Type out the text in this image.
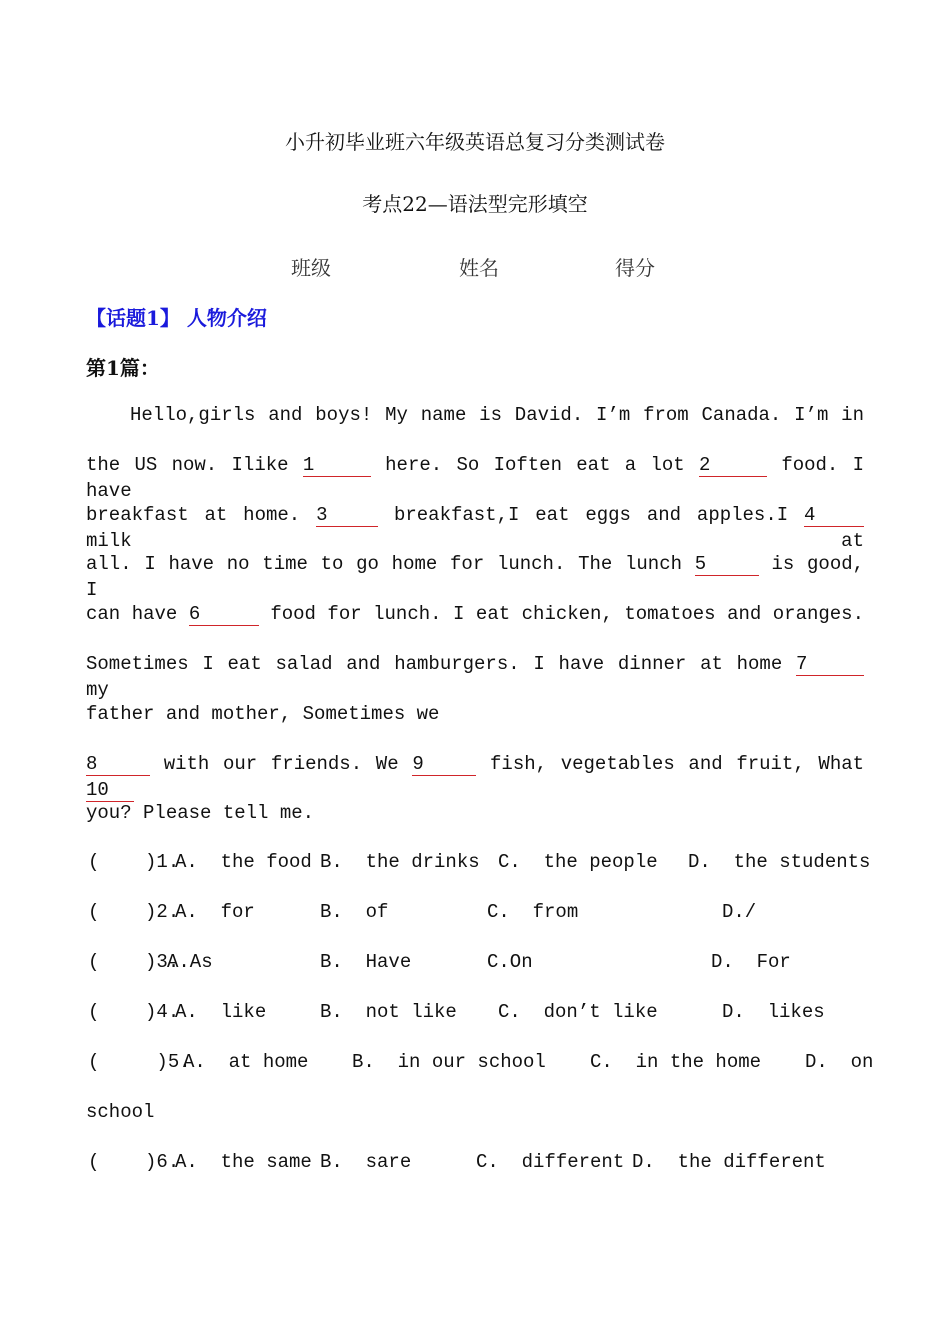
小升初毕业班六年级英语总复习分类测试卷
考点22—语法型完形填空
班级	姓名	得分
【话题1】 人物介绍
第1篇：
Hello,girls and boys! My name is David. I’m from Canada. I’m in
the US now. Ilike 1	here. So Ioften eat a lot 2	food. I have
breakfast at home. 3	breakfast,I eat eggs and apples.I 4 milk at
all. I have no time to go home for lunch. The lunch 5	is good, I
can have 6	food for lunch. I eat chicken, tomatoes and oranges.
Sometimes I eat salad and hamburgers. I have dinner at home 7 my
father and mother, Sometimes we
8	with our friends. We 9	fish, vegetables and fruit, What 10
you? Please tell me.
(    )1.
A.  the food B.  the drinks C.  the people D.  the students
(    )2.
A.  for	B.  of	C.  from	D./
(    )3.
A.As	B.  Have	C.On	D.  For
(    )4.
A.  like	B.  not like C.  don’t like	D.  likes
(     )5.
A.  at home B.  in our school C.  in the home D.  on
school
(    )6.
A.  the same B.  sare	C.  different D.  the different
